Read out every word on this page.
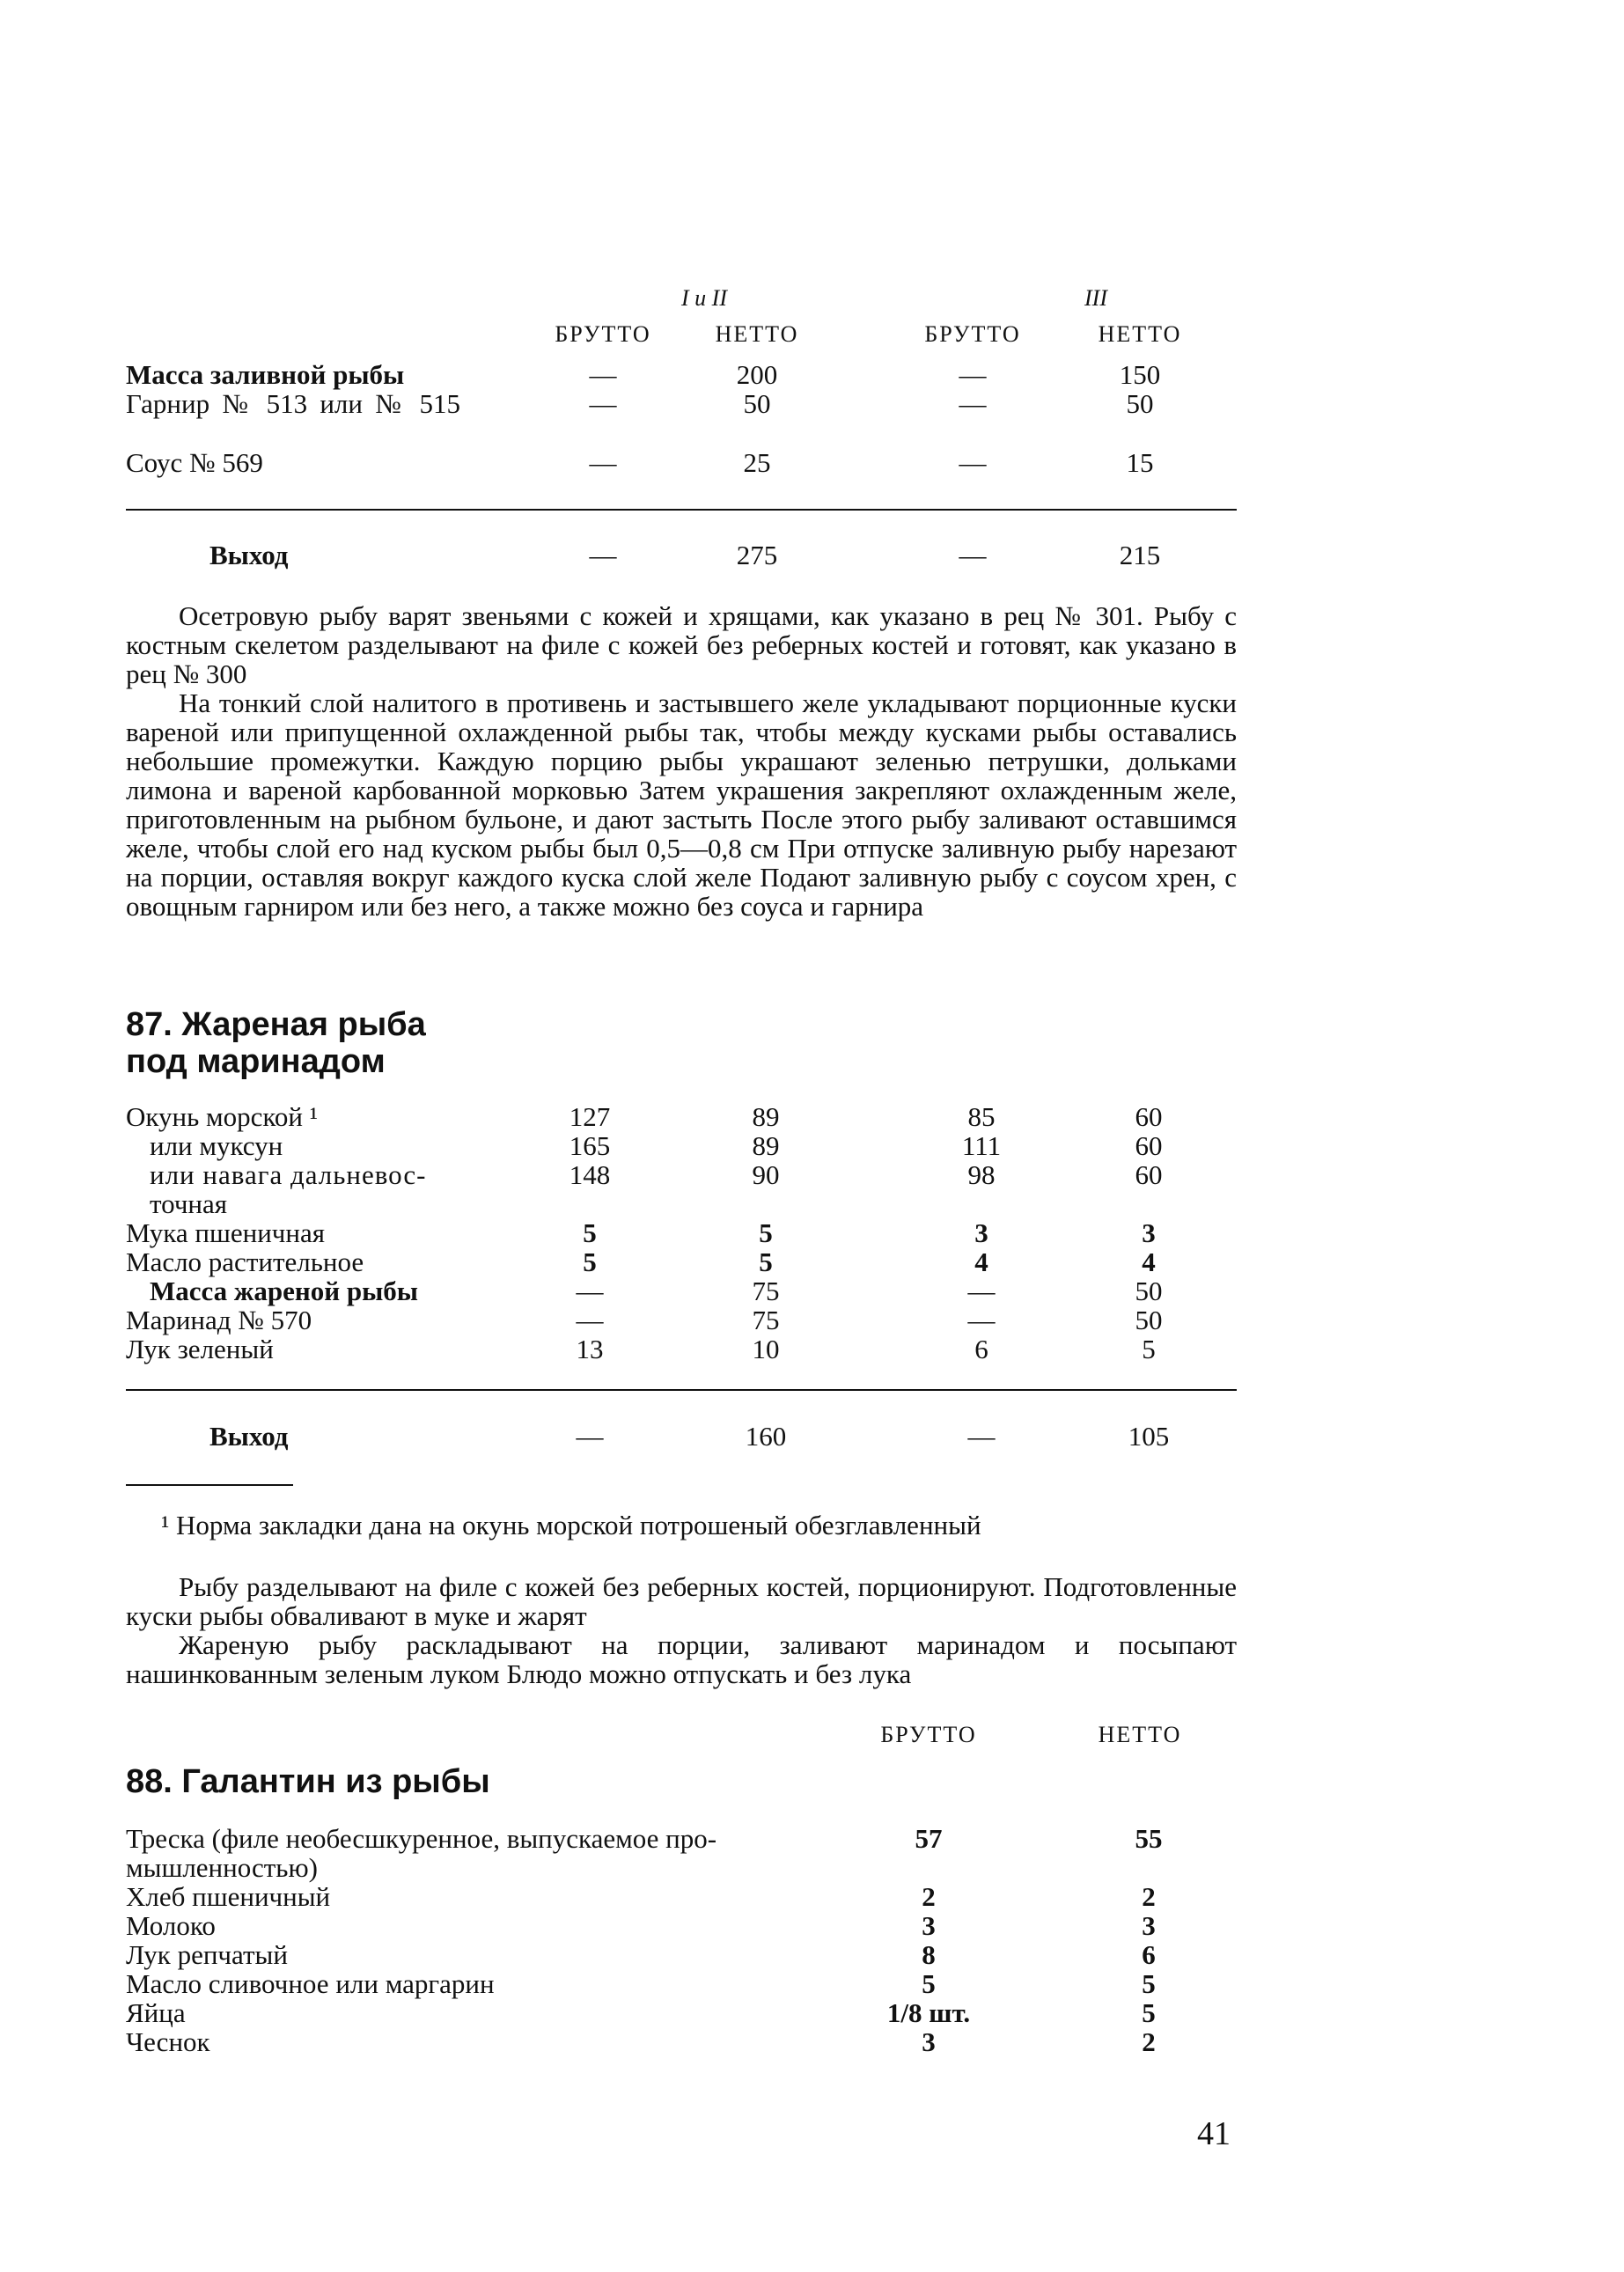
I и II	III
БРУТТО	НЕТТО	БРУТТО	НЕТТО
Масса заливной рыбы	—	200	—	150
Гарнир № 513 или № 515	—	50	—	50
Соус № 569	—	25	—	15
Выход	—	275	—	215

Осетровую рыбу варят звеньями с кожей и хрящами, как указано в рец № 301. Рыбу с костным скелетом разделывают на филе с кожей без реберных костей и готовят, как указано в рец № 300

На тонкий слой налитого в противень и застывшего желе укладывают порционные куски вареной или припущенной охлажденной рыбы так, чтобы между кусками рыбы оставались небольшие промежутки. Каждую порцию рыбы украшают зеленью петрушки, дольками лимона и вареной карбованной морковью Затем украшения закрепляют охлажденным желе, приготовленным на рыбном бульоне, и дают застыть После этого рыбу заливают оставшимся желе, чтобы слой его над куском рыбы был 0,5—0,8 см При отпуске заливную рыбу нарезают на порции, оставляя вокруг каждого куска слой желе Подают заливную рыбу с соусом хрен, с овощным гарниром или без него, а также можно без соуса и гарнира

87. Жареная рыба
под маринадом
Окунь морской ¹	127	89	85	60
или муксун	165	89	111	60
или навага дальневос-	148	90	98	60
точная
Мука пшеничная	5	5	3	3
Масло растительное	5	5	4	4
Масса жареной рыбы	—	75	—	50
Маринад № 570	—	75	—	50
Лук зеленый	13	10	6	5
Выход	—	160	—	105

¹ Норма закладки дана на окунь морской потрошеный обезглавленный

Рыбу разделывают на филе с кожей без реберных костей, порционируют. Подготовленные куски рыбы обваливают в муке и жарят

Жареную рыбу раскладывают на порции, заливают маринадом и посыпают нашинкованным зеленым луком Блюдо можно отпускать и без лука

БРУТТО	НЕТТО
88. Галантин из рыбы
Треска (филе необесшкуренное, выпускаемое про-	57	55
мышленностью)
Хлеб пшеничный	2	2
Молоко	3	3
Лук репчатый	8	6
Масло сливочное или маргарин	5	5
Яйца	1/8 шт.	5
Чеснок	3	2
41
